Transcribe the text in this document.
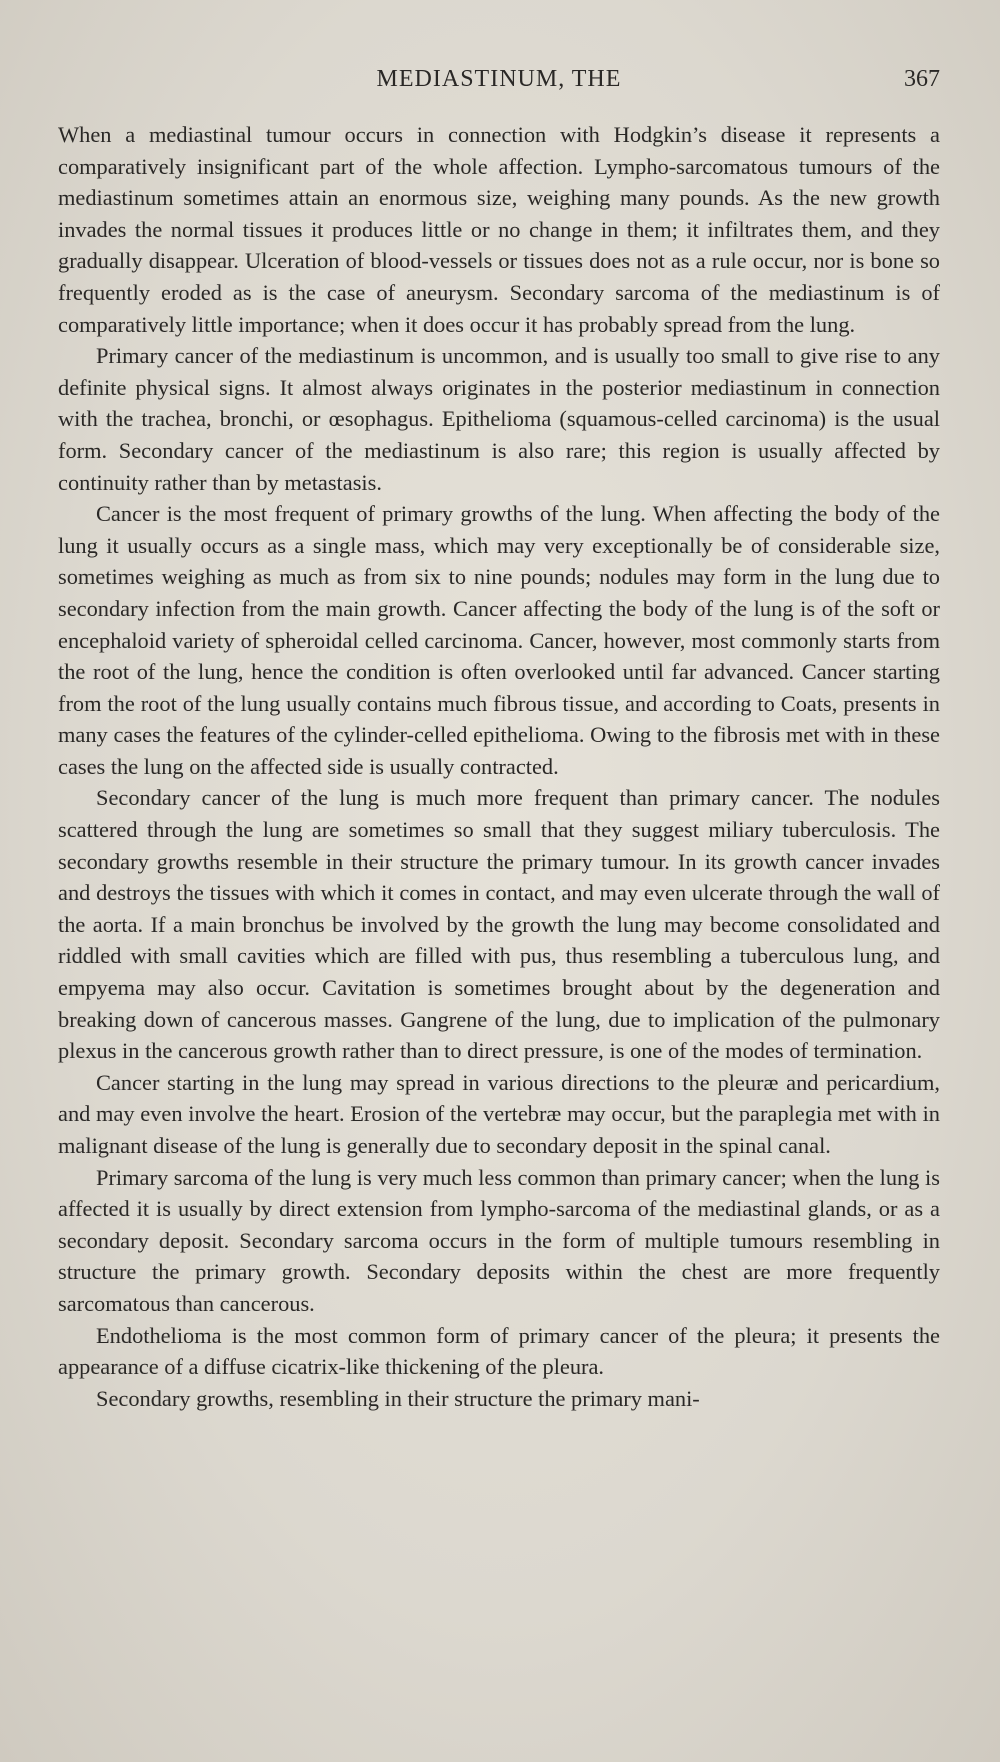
MEDIASTINUM, THE	367

When a mediastinal tumour occurs in connection with Hodgkin’s disease it represents a comparatively insignificant part of the whole affection. Lympho-sarcomatous tumours of the mediastinum sometimes attain an enormous size, weighing many pounds. As the new growth invades the normal tissues it produces little or no change in them; it infiltrates them, and they gradually disappear. Ulceration of blood-vessels or tissues does not as a rule occur, nor is bone so frequently eroded as is the case of aneurysm. Secondary sarcoma of the mediastinum is of comparatively little importance; when it does occur it has probably spread from the lung.

Primary cancer of the mediastinum is uncommon, and is usually too small to give rise to any definite physical signs. It almost always originates in the posterior mediastinum in connection with the trachea, bronchi, or œsophagus. Epithelioma (squamous-celled carcinoma) is the usual form. Secondary cancer of the mediastinum is also rare; this region is usually affected by continuity rather than by metastasis.

Cancer is the most frequent of primary growths of the lung. When affecting the body of the lung it usually occurs as a single mass, which may very exceptionally be of considerable size, sometimes weighing as much as from six to nine pounds; nodules may form in the lung due to secondary infection from the main growth. Cancer affecting the body of the lung is of the soft or encephaloid variety of spheroidal celled carcinoma. Cancer, however, most commonly starts from the root of the lung, hence the condition is often overlooked until far advanced. Cancer starting from the root of the lung usually contains much fibrous tissue, and according to Coats, presents in many cases the features of the cylinder-celled epithelioma. Owing to the fibrosis met with in these cases the lung on the affected side is usually contracted.

Secondary cancer of the lung is much more frequent than primary cancer. The nodules scattered through the lung are sometimes so small that they suggest miliary tuberculosis. The secondary growths resemble in their structure the primary tumour. In its growth cancer invades and destroys the tissues with which it comes in contact, and may even ulcerate through the wall of the aorta. If a main bronchus be involved by the growth the lung may become consolidated and riddled with small cavities which are filled with pus, thus resembling a tuberculous lung, and empyema may also occur. Cavitation is sometimes brought about by the degeneration and breaking down of cancerous masses. Gangrene of the lung, due to implication of the pulmonary plexus in the cancerous growth rather than to direct pressure, is one of the modes of termination.

Cancer starting in the lung may spread in various directions to the pleuræ and pericardium, and may even involve the heart. Erosion of the vertebræ may occur, but the paraplegia met with in malignant disease of the lung is generally due to secondary deposit in the spinal canal.

Primary sarcoma of the lung is very much less common than primary cancer; when the lung is affected it is usually by direct extension from lympho-sarcoma of the mediastinal glands, or as a secondary deposit. Secondary sarcoma occurs in the form of multiple tumours resembling in structure the primary growth. Secondary deposits within the chest are more frequently sarcomatous than cancerous.

Endothelioma is the most common form of primary cancer of the pleura; it presents the appearance of a diffuse cicatrix-like thickening of the pleura.

Secondary growths, resembling in their structure the primary mani-
